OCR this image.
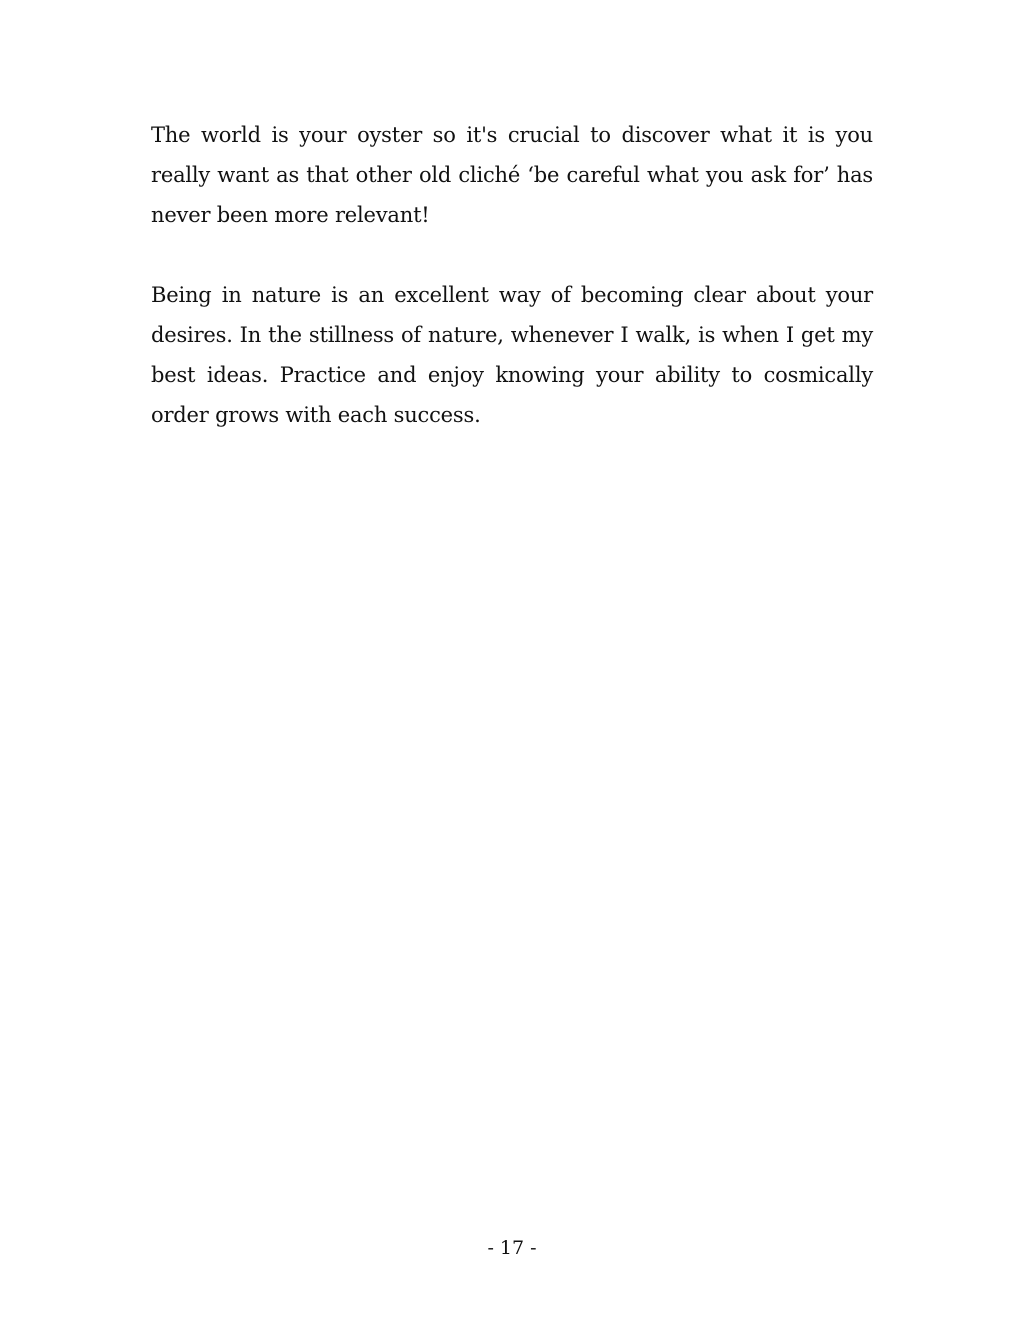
The world is your oyster so it's crucial to discover what it is you really want as that other old cliché ‘be careful what you ask for’ has never been more relevant!

Being in nature is an excellent way of becoming clear about your desires. In the stillness of nature, whenever I walk, is when I get my best ideas. Practice and enjoy knowing your ability to cosmically order grows with each success.

- 17 -
